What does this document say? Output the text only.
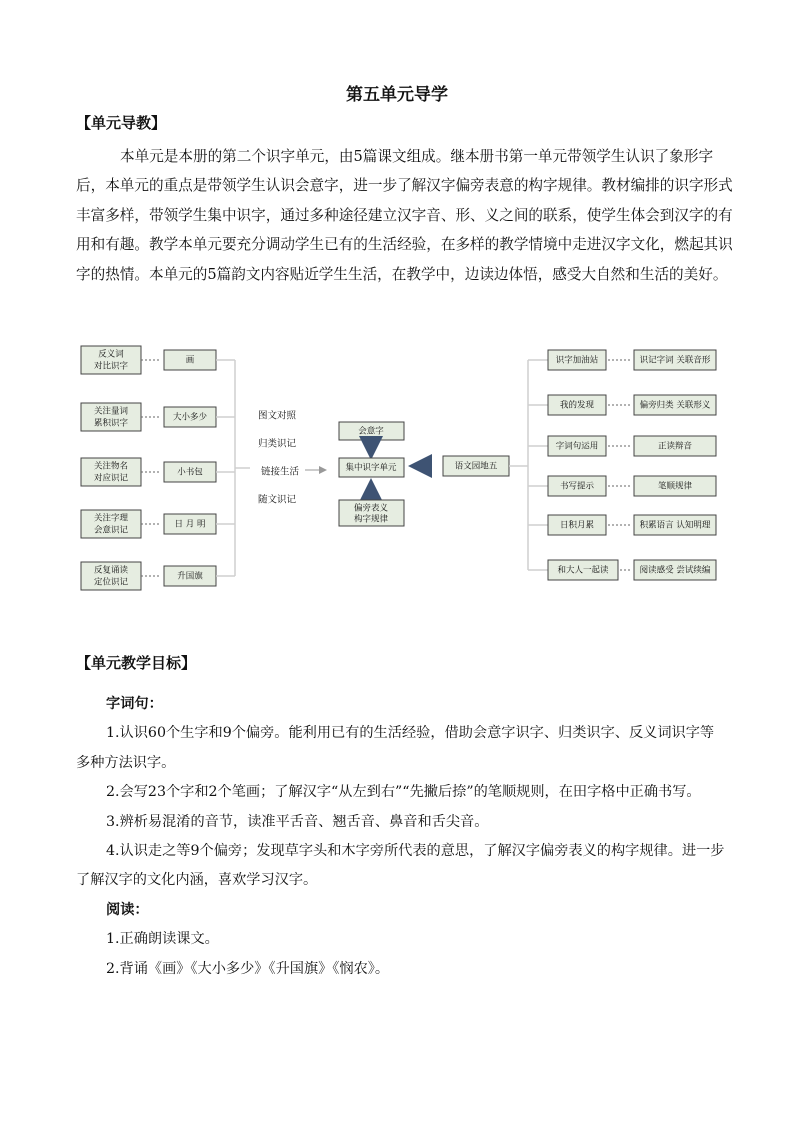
第五单元导学
【单元导教】

本单元是本册的第二个识字单元，由5篇课文组成。继本册书第一单元带领学生认识了象形字后，本单元的重点是带领学生认识会意字，进一步了解汉字偏旁表意的构字规律。教材编排的识字形式丰富多样，带领学生集中识字，通过多种途径建立汉字音、形、义之间的联系，使学生体会到汉字的有用和有趣。教学本单元要充分调动学生已有的生活经验，在多样的教学情境中走进汉字文化，燃起其识字的热情。本单元的5篇韵文内容贴近学生生活，在教学中，边读边体悟，感受大自然和生活的美好。

反义词
对比识字
画
关注量词
累积识字
大小多少
关注物名
对应识记
小书包
关注字理
会意识记
日 月 明
反复诵读
定位识记
升国旗
图文对照
归类识记
链接生活
随文识记
会意字
集中识字单元
偏旁表义
构字规律
语文园地五
识字加油站	识记字词 关联音形
我的发现	偏旁归类 关联形义
字词句运用	正读辩音
书写提示	笔顺规律
日积月累	积累语言 认知明理
和大人一起读	阅读感受 尝试续编
【单元教学目标】

字词句：

1.认识60个生字和9个偏旁。能利用已有的生活经验，借助会意字识字、归类识字、反义词识字等多种方法识字。

2.会写23个字和2个笔画；了解汉字“从左到右”“先撇后捺”的笔顺规则，在田字格中正确书写。

3.辨析易混淆的音节，读准平舌音、翘舌音、鼻音和舌尖音。

4.认识走之等9个偏旁；发现草字头和木字旁所代表的意思，了解汉字偏旁表义的构字规律。进一步了解汉字的文化内涵，喜欢学习汉字。

阅读：

1.正确朗读课文。

2.背诵《画》《大小多少》《升国旗》《悯农》。
